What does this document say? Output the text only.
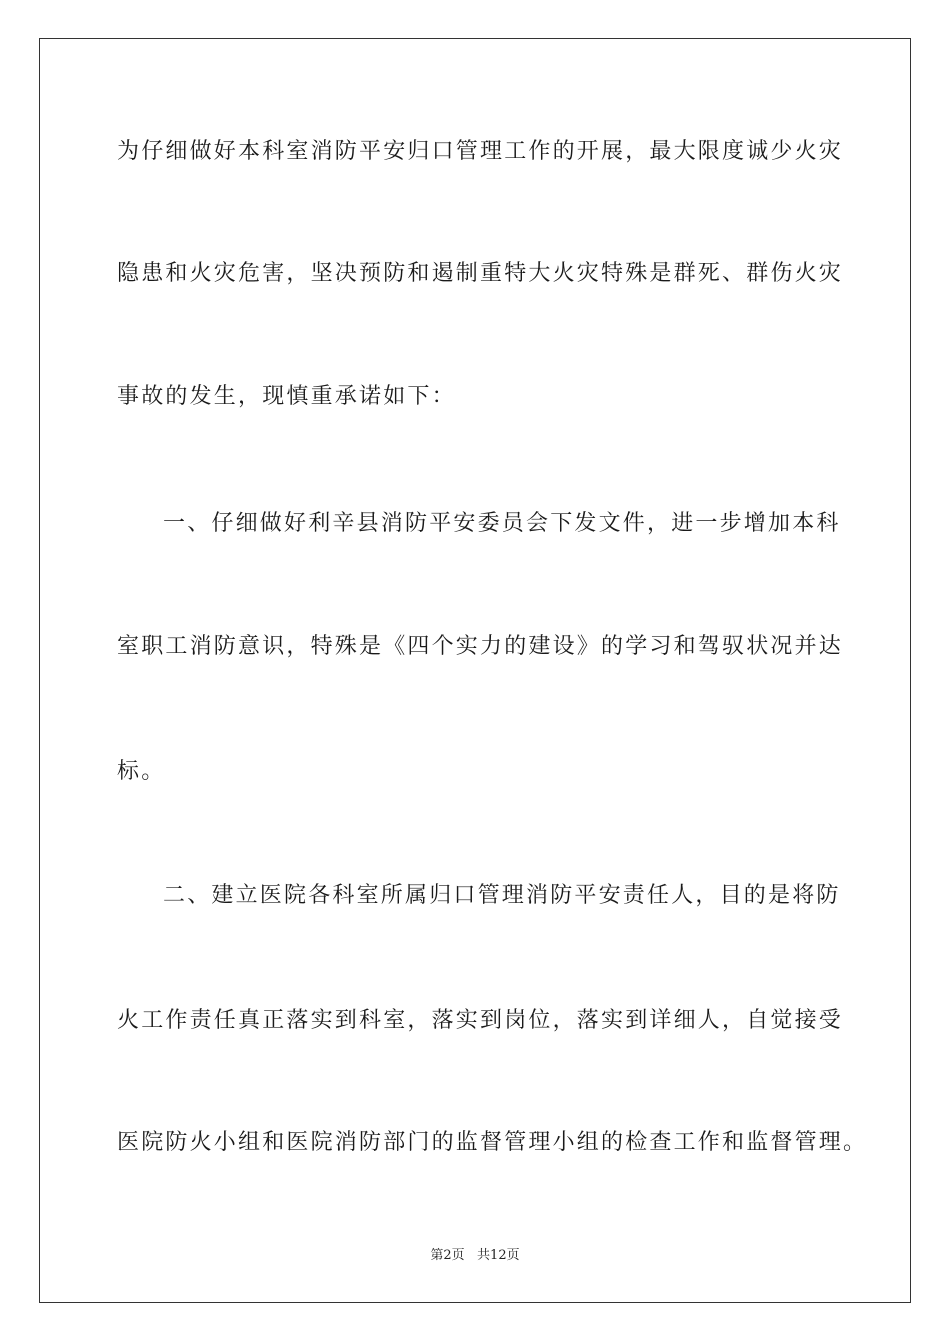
为仔细做好本科室消防平安归口管理工作的开展，最大限度诚少火灾
隐患和火灾危害，坚决预防和遏制重特大火灾特殊是群死、群伤火灾
事故的发生，现慎重承诺如下：
一、仔细做好利辛县消防平安委员会下发文件，进一步增加本科
室职工消防意识，特殊是《四个实力的建设》的学习和驾驭状况并达
标。
二、建立医院各科室所属归口管理消防平安责任人，目的是将防
火工作责任真正落实到科室，落实到岗位，落实到详细人，自觉接受
医院防火小组和医院消防部门的监督管理小组的检查工作和监督管理。
第2页   共12页
